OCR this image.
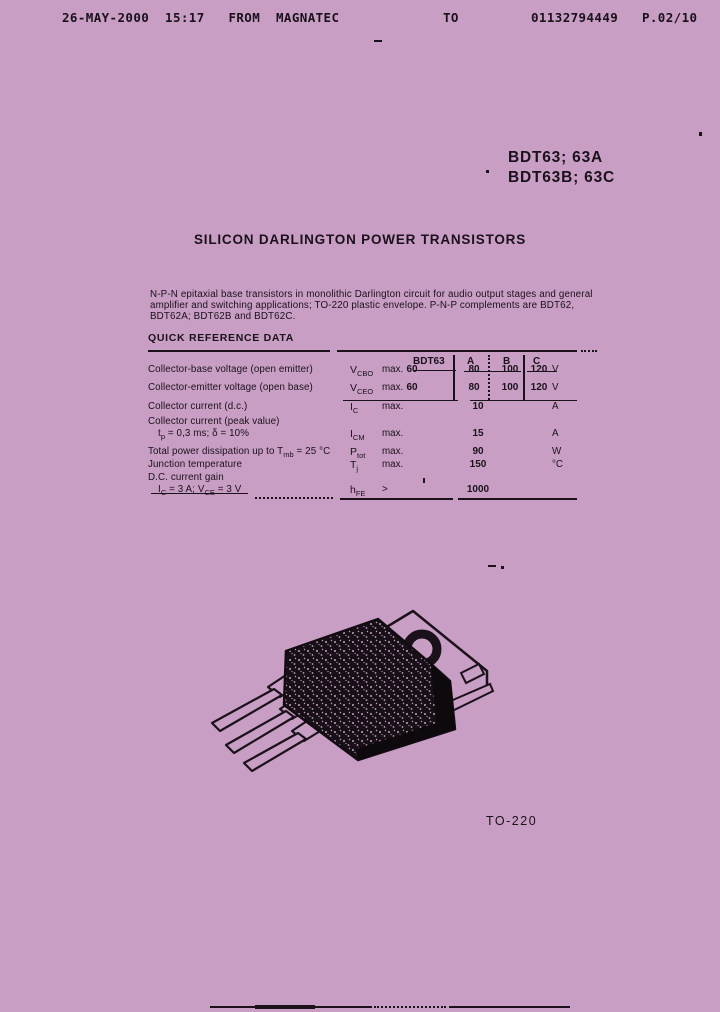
26-MAY-2000  15:17   FROM  MAGNATEC	TO	01132794449   P.02/10
BDT63; 63A
BDT63B; 63C
SILICON DARLINGTON POWER TRANSISTORS
N-P-N epitaxial base transistors in monolithic Darlington circuit for audio output stages and general
amplifier and switching applications; TO-220 plastic envelope. P-N-P complements are BDT62,
BDT62A; BDT62B and BDT62C.
QUICK REFERENCE DATA
BDT63 A	B C
Collector-base voltage (open emitter)	$V_{CBO}$ max. 60	80	100	120 V
Collector-emitter voltage (open base)	$V_{CEO}$ max. 60	80	100	120 V
Collector current (d.c.)	$I_C$ max.	10	A
Collector current (peak value)
$t_p = 0,3$ ms; δ = 10%	$I_{CM}$ max.	15	A
Total power dissipation up to $T_{mb} = 25$ °C $P_{tot}$ max.	90	W
Junction temperature	$T_j$ max.	150	°C
D.C. current gain
$I_C = 3$ A; $V_{CE} = 3$ V	$h_{FE}$ >	1000
TO-220
